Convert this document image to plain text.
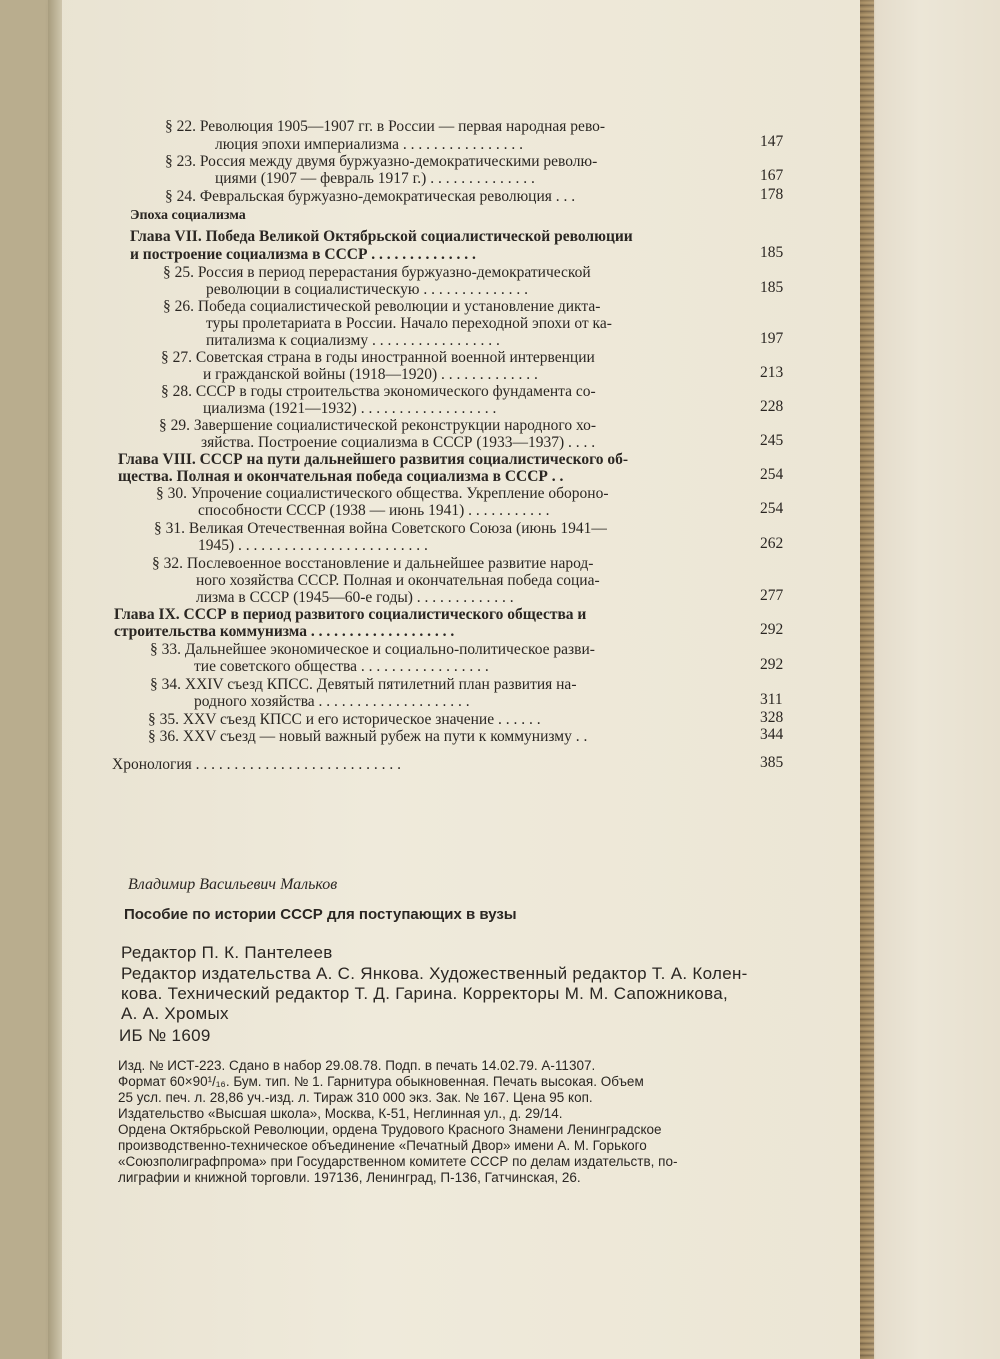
§ 22. Революция 1905—1907 гг. в России — первая народная рево-
люция эпохи империализма . . . . . . . . . . . . . . . .	147
§ 23. Россия между двумя буржуазно-демократическими револю-
циями (1907 — февраль 1917 г.) . . . . . . . . . . . . . .	167
§ 24. Февральская буржуазно-демократическая революция . . .	178
Эпоха социализма
Глава VII. Победа Великой Октябрьской социалистической революции
и построение социализма в СССР . . . . . . . . . . . . . .	185
§ 25. Россия в период перерастания буржуазно-демократической
революции в социалистическую . . . . . . . . . . . . . .	185
§ 26. Победа социалистической революции и установление дикта-
туры пролетариата в России. Начало переходной эпохи от ка-
питализма к социализму . . . . . . . . . . . . . . . . .	197
§ 27. Советская страна в годы иностранной военной интервенции
и гражданской войны (1918—1920) . . . . . . . . . . . . .	213
§ 28. СССР в годы строительства экономического фундамента со-
циализма (1921—1932) . . . . . . . . . . . . . . . . . .	228
§ 29. Завершение социалистической реконструкции народного хо-
зяйства. Построение социализма в СССР (1933—1937) . . . .	245
Глава VIII. СССР на пути дальнейшего развития социалистического об-
щества. Полная и окончательная победа социализма в СССР . .	254
§ 30. Упрочение социалистического общества. Укрепление обороно-
способности СССР (1938 — июнь 1941) . . . . . . . . . . .	254
§ 31. Великая Отечественная война Советского Союза (июнь 1941—
1945) . . . . . . . . . . . . . . . . . . . . . . . . .	262
§ 32. Послевоенное восстановление и дальнейшее развитие народ-
ного хозяйства СССР. Полная и окончательная победа социа-
лизма в СССР (1945—60-е годы) . . . . . . . . . . . . .	277
Глава IX. СССР в период развитого социалистического общества и
строительства коммунизма . . . . . . . . . . . . . . . . . . .	292
§ 33. Дальнейшее экономическое и социально-политическое разви-
тие советского общества . . . . . . . . . . . . . . . . .	292
§ 34. XXIV съезд КПСС. Девятый пятилетний план развития на-
родного хозяйства . . . . . . . . . . . . . . . . . . . .	311
§ 35. XXV съезд КПСС и его историческое значение . . . . . .	328
§ 36. XXV съезд — новый важный рубеж на пути к коммунизму . .	344
Хронология . . . . . . . . . . . . . . . . . . . . . . . . . . .	385
Владимир Васильевич Мальков
Пособие по истории СССР для поступающих в вузы
Редактор П. К. Пантелеев
Редактор издательства А. С. Янкова. Художественный редактор Т. А. Колен-
кова. Технический редактор Т. Д. Гарина. Корректоры М. М. Сапожникова,
А. А. Хромых
ИБ № 1609
Изд. № ИСТ-223. Сдано в набор 29.08.78. Подп. в печать 14.02.79. А-11307.
Формат 60×90¹/₁₆. Бум. тип. № 1. Гарнитура обыкновенная. Печать высокая. Объем
25 усл. печ. л. 28,86 уч.-изд. л. Тираж 310 000 экз. Зак. № 167. Цена 95 коп.
Издательство «Высшая школа», Москва, К-51, Неглинная ул., д. 29/14.
Ордена Октябрьской Революции, ордена Трудового Красного Знамени Ленинградское
производственно-техническое объединение «Печатный Двор» имени А. М. Горького
«Союзполиграфпрома» при Государственном комитете СССР по делам издательств, по-
лиграфии и книжной торговли. 197136, Ленинград, П-136, Гатчинская, 26.
